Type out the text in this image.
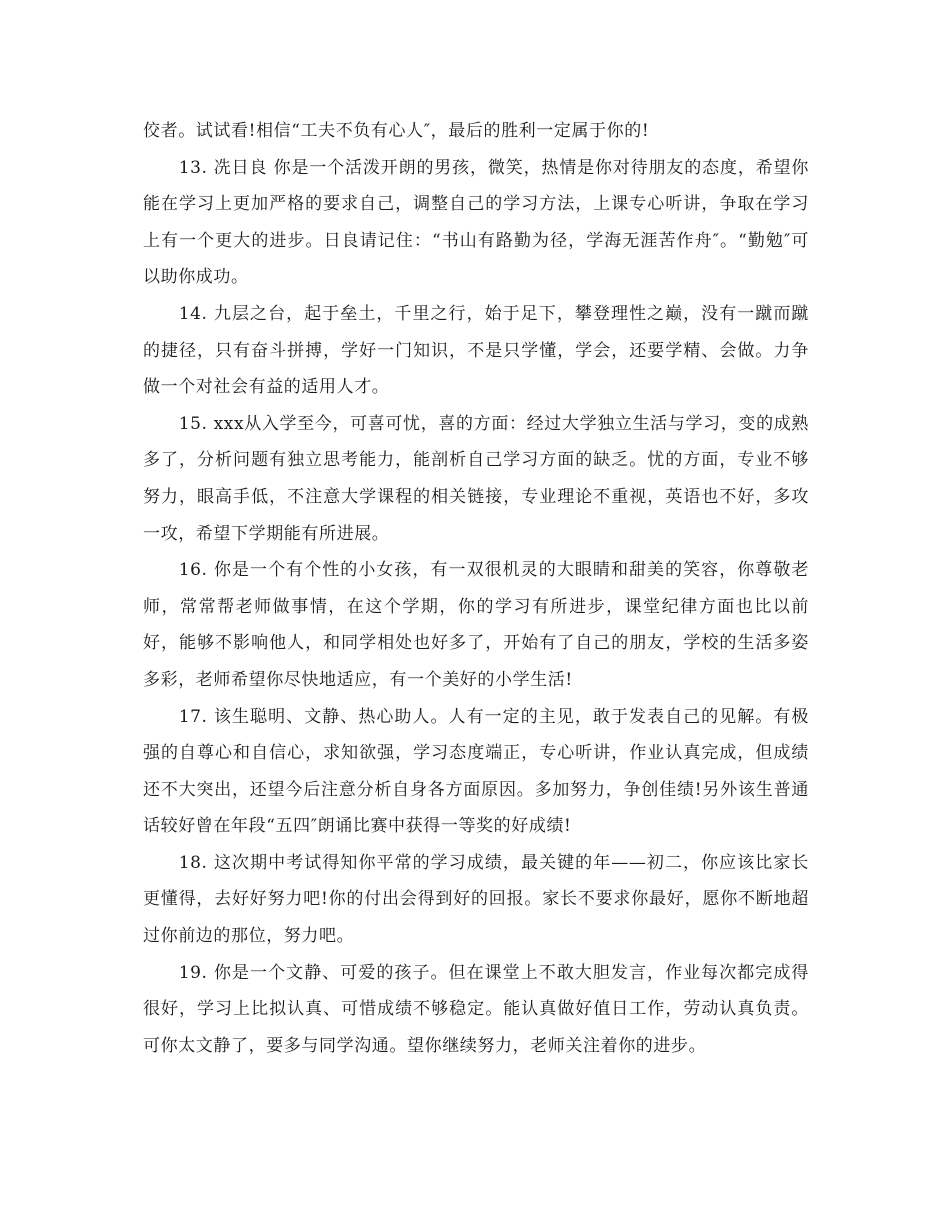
佼者。试试看!相信“工夫不负有心人″，最后的胜利一定属于你的!

13. 冼日良 你是一个活泼开朗的男孩，微笑，热情是你对待朋友的态度，希望你能在学习上更加严格的要求自己，调整自己的学习方法，上课专心听讲，争取在学习上有一个更大的进步。日良请记住：“书山有路勤为径，学海无涯苦作舟″。“勤勉″可以助你成功。

14. 九层之台，起于垒土，千里之行，始于足下，攀登理性之巅，没有一蹴而蹴的捷径，只有奋斗拼搏，学好一门知识，不是只学懂，学会，还要学精、会做。力争做一个对社会有益的适用人才。

15. xxx从入学至今，可喜可忧，喜的方面：经过大学独立生活与学习，变的成熟多了，分析问题有独立思考能力，能剖析自己学习方面的缺乏。忧的方面，专业不够努力，眼高手低，不注意大学课程的相关链接，专业理论不重视，英语也不好，多攻一攻，希望下学期能有所进展。

16. 你是一个有个性的小女孩，有一双很机灵的大眼睛和甜美的笑容，你尊敬老师，常常帮老师做事情，在这个学期，你的学习有所进步，课堂纪律方面也比以前好，能够不影响他人，和同学相处也好多了，开始有了自己的朋友，学校的生活多姿多彩，老师希望你尽快地适应，有一个美好的小学生活!

17. 该生聪明、文静、热心助人。人有一定的主见，敢于发表自己的见解。有极强的自尊心和自信心，求知欲强，学习态度端正，专心听讲，作业认真完成，但成绩还不大突出，还望今后注意分析自身各方面原因。多加努力，争创佳绩!另外该生普通话较好曾在年段“五四″朗诵比赛中获得一等奖的好成绩!

18. 这次期中考试得知你平常的学习成绩，最关键的年——初二，你应该比家长更懂得，去好好努力吧!你的付出会得到好的回报。家长不要求你最好，愿你不断地超过你前边的那位，努力吧。

19. 你是一个文静、可爱的孩子。但在课堂上不敢大胆发言，作业每次都完成得很好，学习上比拟认真、可惜成绩不够稳定。能认真做好值日工作，劳动认真负责。可你太文静了，要多与同学沟通。望你继续努力，老师关注着你的进步。
